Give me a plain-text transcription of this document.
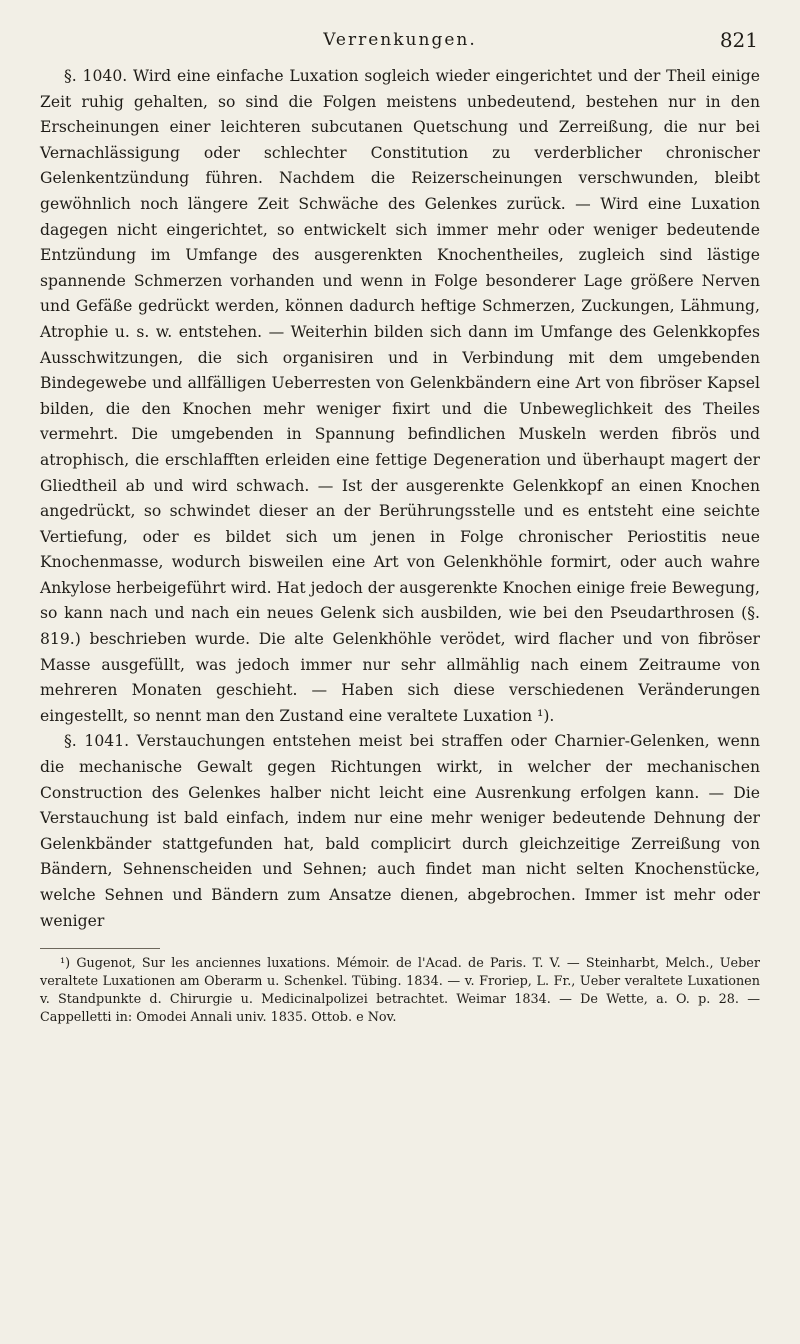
Verrenkungen.	821

§. 1040. Wird eine einfache Luxation sogleich wieder eingerichtet und der Theil einige Zeit ruhig gehalten, so sind die Folgen meistens unbedeutend, bestehen nur in den Erscheinungen einer leichteren subcutanen Quetschung und Zerreißung, die nur bei Vernachlässigung oder schlechter Constitution zu verderblicher chronischer Gelenkentzündung führen. Nachdem die Reizerscheinungen verschwunden, bleibt gewöhnlich noch längere Zeit Schwäche des Gelenkes zurück. — Wird eine Luxation dagegen nicht eingerichtet, so entwickelt sich immer mehr oder weniger bedeutende Entzündung im Umfange des ausgerenkten Knochentheiles, zugleich sind lästige spannende Schmerzen vorhanden und wenn in Folge besonderer Lage größere Nerven und Gefäße gedrückt werden, können dadurch heftige Schmerzen, Zuckungen, Lähmung, Atrophie u. s. w. entstehen. — Weiterhin bilden sich dann im Umfange des Gelenkkopfes Ausschwitzungen, die sich organisiren und in Verbindung mit dem umgebenden Bindegewebe und allfälligen Ueberresten von Gelenkbändern eine Art von fibröser Kapsel bilden, die den Knochen mehr weniger fixirt und die Unbeweglichkeit des Theiles vermehrt. Die umgebenden in Spannung befindlichen Muskeln werden fibrös und atrophisch, die erschlafften erleiden eine fettige Degeneration und überhaupt magert der Gliedtheil ab und wird schwach. — Ist der ausgerenkte Gelenkkopf an einen Knochen angedrückt, so schwindet dieser an der Berührungsstelle und es entsteht eine seichte Vertiefung, oder es bildet sich um jenen in Folge chronischer Periostitis neue Knochenmasse, wodurch bisweilen eine Art von Gelenkhöhle formirt, oder auch wahre Ankylose herbeigeführt wird. Hat jedoch der ausgerenkte Knochen einige freie Bewegung, so kann nach und nach ein neues Gelenk sich ausbilden, wie bei den Pseudarthrosen (§. 819.) beschrieben wurde. Die alte Gelenkhöhle verödet, wird flacher und von fibröser Masse ausgefüllt, was jedoch immer nur sehr allmählig nach einem Zeitraume von mehreren Monaten geschieht. — Haben sich diese verschiedenen Veränderungen eingestellt, so nennt man den Zustand eine veraltete Luxation ¹).

§. 1041. Verstauchungen entstehen meist bei straffen oder Charnier-Gelenken, wenn die mechanische Gewalt gegen Richtungen wirkt, in welcher der mechanischen Construction des Gelenkes halber nicht leicht eine Ausrenkung erfolgen kann. — Die Verstauchung ist bald einfach, indem nur eine mehr weniger bedeutende Dehnung der Gelenkbänder stattgefunden hat, bald complicirt durch gleichzeitige Zerreißung von Bändern, Sehnenscheiden und Sehnen; auch findet man nicht selten Knochenstücke, welche Sehnen und Bändern zum Ansatze dienen, abgebrochen. Immer ist mehr oder weniger

¹) Gugenot, Sur les anciennes luxations. Mémoir. de l'Acad. de Paris. T. V. — Steinharbt, Melch., Ueber veraltete Luxationen am Oberarm u. Schenkel. Tübing. 1834. — v. Froriep, L. Fr., Ueber veraltete Luxationen v. Standpunkte d. Chirurgie u. Medicinalpolizei betrachtet. Weimar 1834. — De Wette, a. O. p. 28. — Cappelletti in: Omodei Annali univ. 1835. Ottob. e Nov.
